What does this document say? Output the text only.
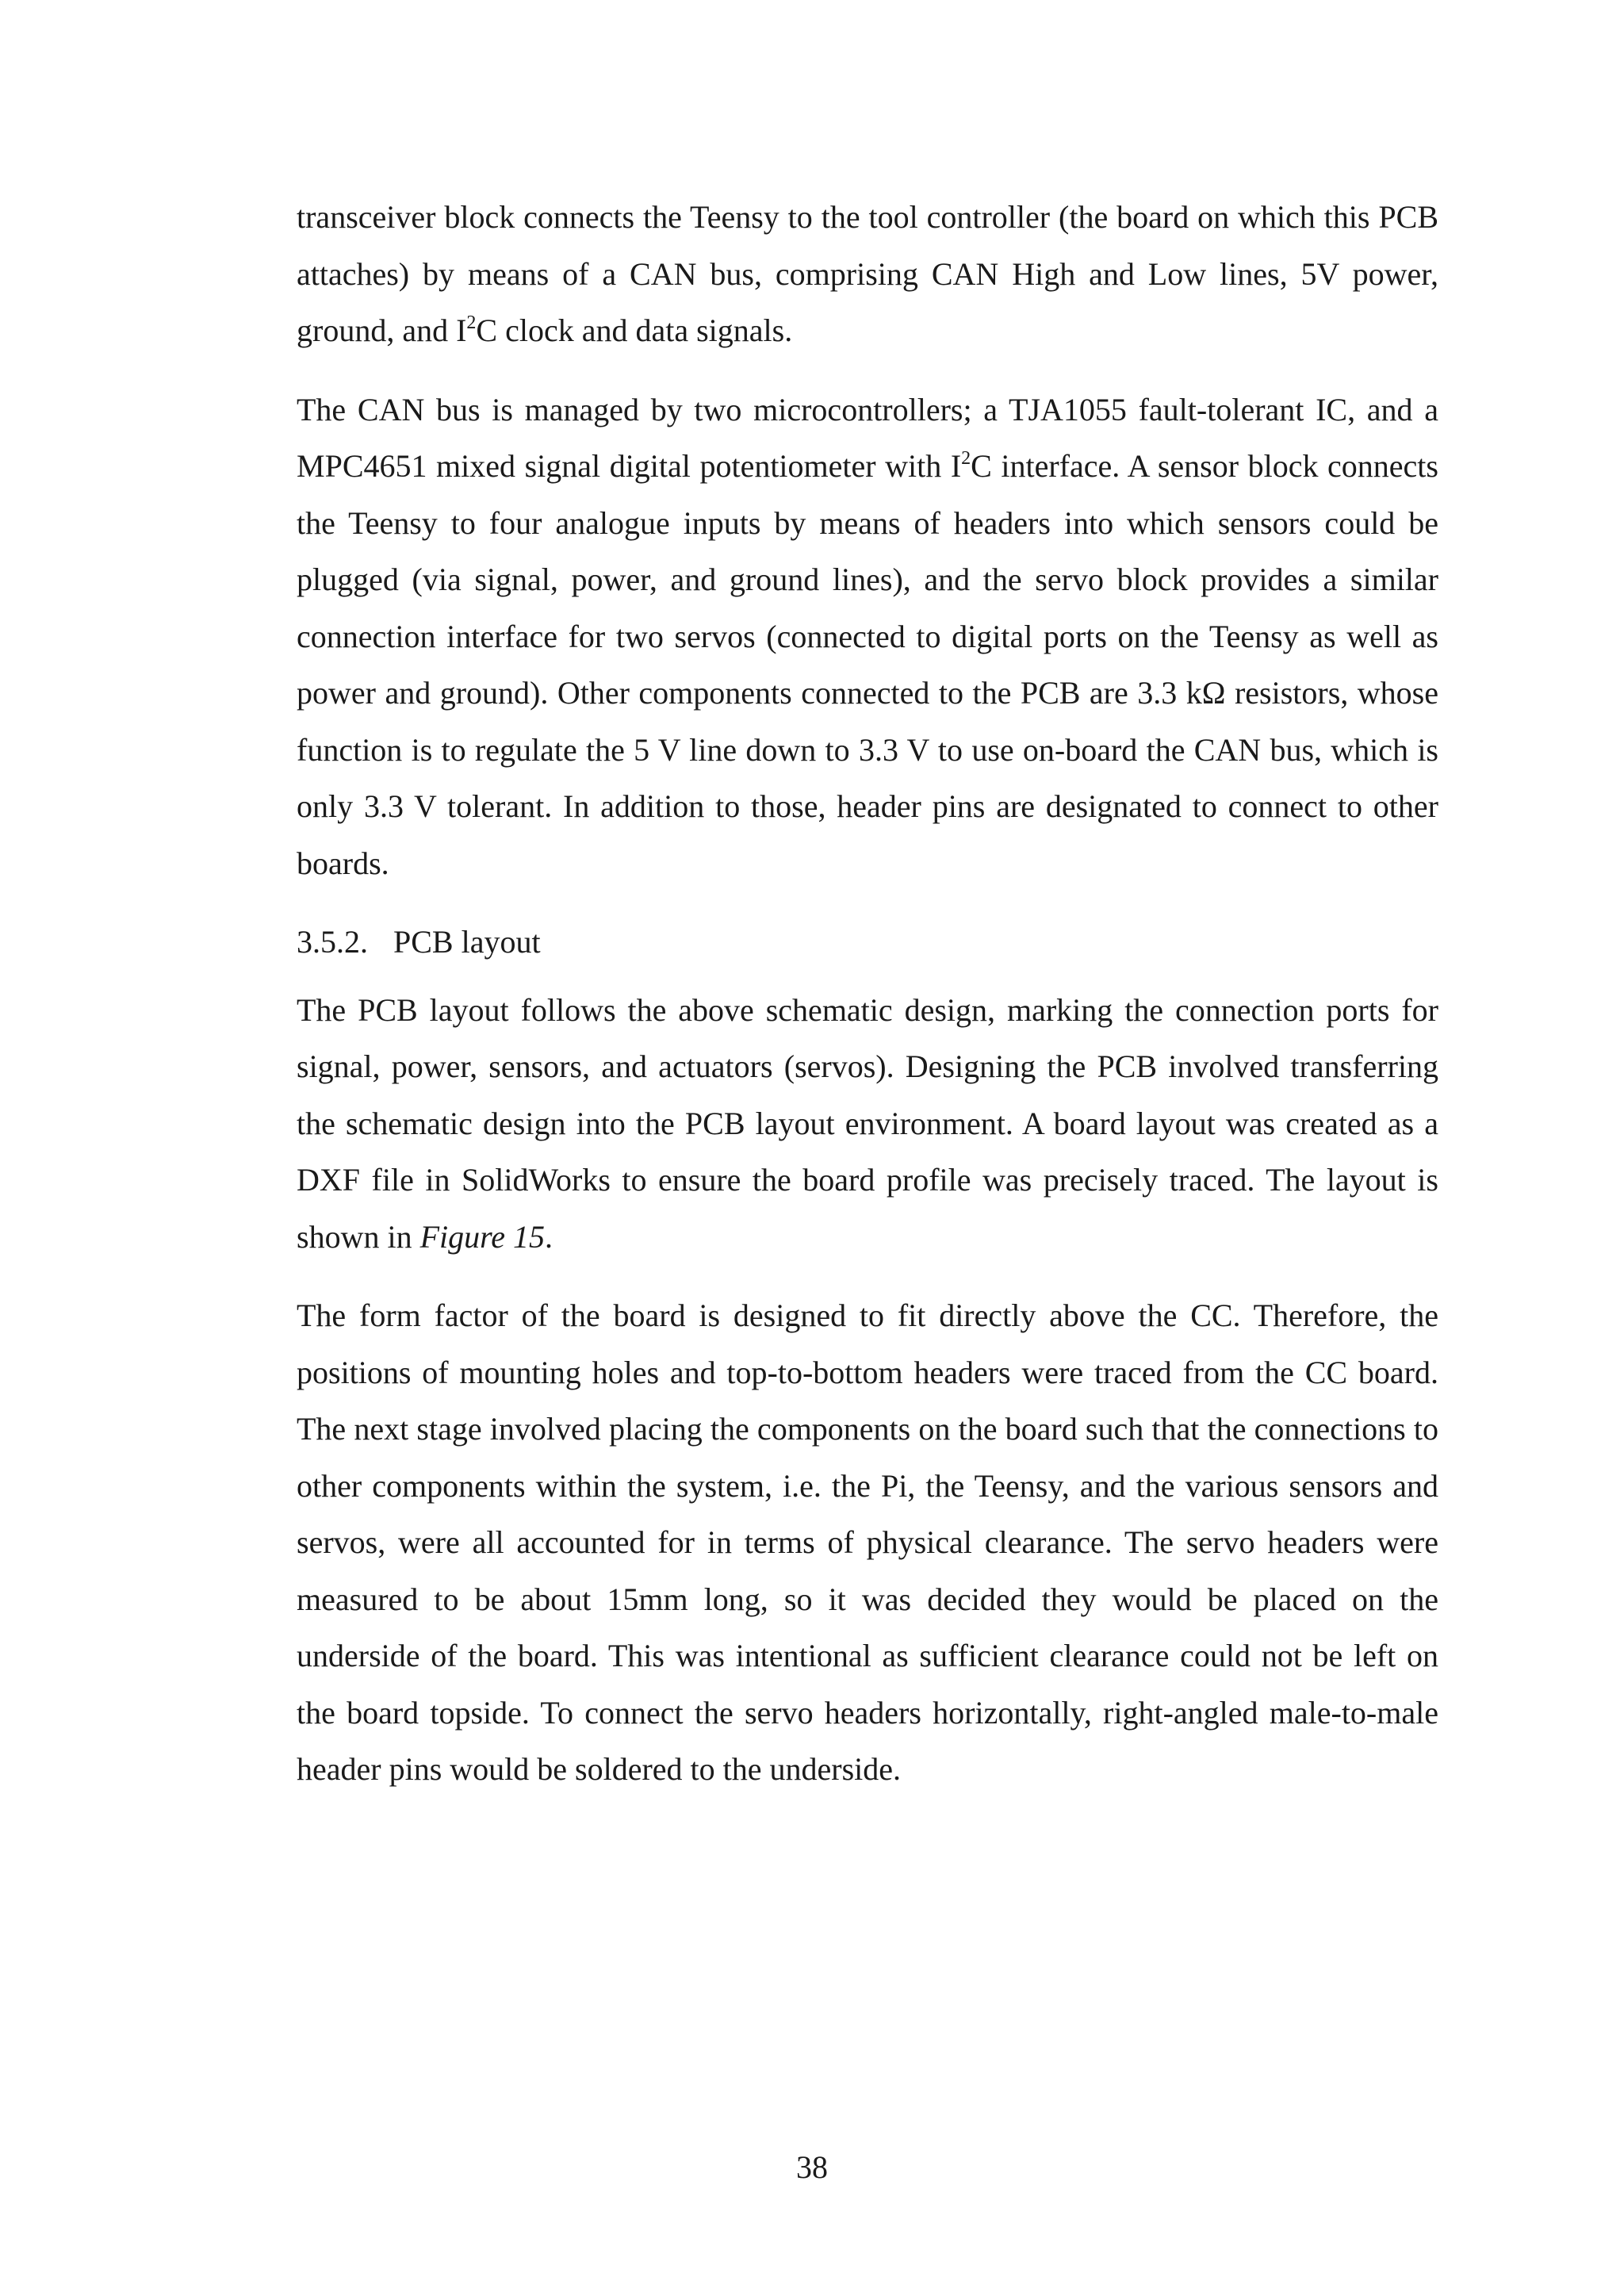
transceiver block connects the Teensy to the tool controller (the board on which this PCB attaches) by means of a CAN bus, comprising CAN High and Low lines, 5V power, ground, and $I^2C$ clock and data signals.

The CAN bus is managed by two microcontrollers; a TJA1055 fault-tolerant IC, and a MPC4651 mixed signal digital potentiometer with $I^2C$ interface. A sensor block connects the Teensy to four analogue inputs by means of headers into which sensors could be plugged (via signal, power, and ground lines), and the servo block provides a similar connection interface for two servos (connected to digital ports on the Teensy as well as power and ground). Other components connected to the PCB are 3.3 kΩ resistors, whose function is to regulate the 5 V line down to 3.3 V to use on-board the CAN bus, which is only 3.3 V tolerant. In addition to those, header pins are designated to connect to other boards.

3.5.2. PCB layout

The PCB layout follows the above schematic design, marking the connection ports for signal, power, sensors, and actuators (servos). Designing the PCB involved transferring the schematic design into the PCB layout environment. A board layout was created as a DXF file in SolidWorks to ensure the board profile was precisely traced. The layout is shown in Figure 15.

The form factor of the board is designed to fit directly above the CC. Therefore, the positions of mounting holes and top-to-bottom headers were traced from the CC board. The next stage involved placing the components on the board such that the connections to other components within the system, i.e. the Pi, the Teensy, and the various sensors and servos, were all accounted for in terms of physical clearance. The servo headers were measured to be about 15mm long, so it was decided they would be placed on the underside of the board. This was intentional as sufficient clearance could not be left on the board topside. To connect the servo headers horizontally, right-angled male-to-male header pins would be soldered to the underside.

38
